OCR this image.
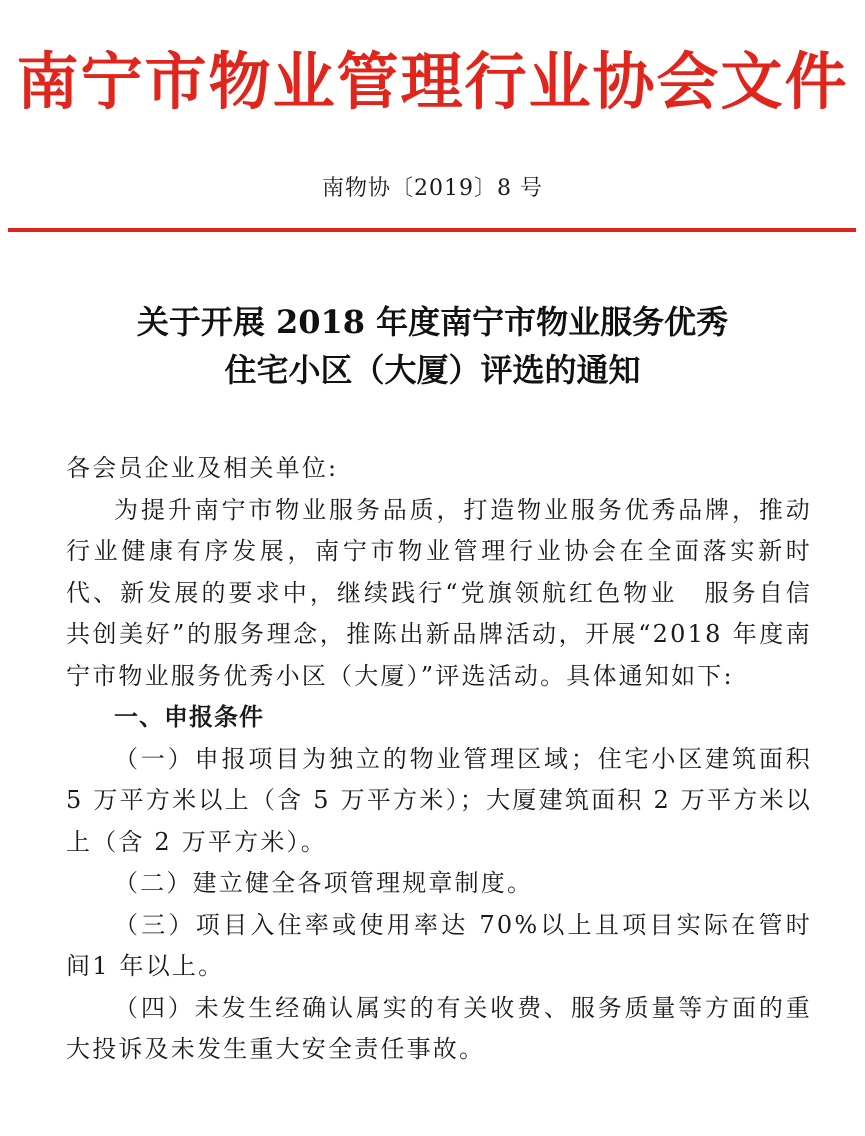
南宁市物业管理行业协会文件
南物协〔2019〕8 号
关于开展 2018 年度南宁市物业服务优秀
住宅小区（大厦）评选的通知

各会员企业及相关单位:

为提升南宁市物业服务品质，打造物业服务优秀品牌，推动行业健康有序发展，南宁市物业管理行业协会在全面落实新时代、新发展的要求中，继续践行“党旗领航红色物业　服务自信共创美好”的服务理念，推陈出新品牌活动，开展“2018 年度南宁市物业服务优秀小区（大厦）”评选活动。具体通知如下:

一、申报条件

（一）申报项目为独立的物业管理区域；住宅小区建筑面积 5 万平方米以上（含 5 万平方米）；大厦建筑面积 2 万平方米以上（含 2 万平方米）。

（二）建立健全各项管理规章制度。

（三）项目入住率或使用率达 70%以上且项目实际在管时间1 年以上。

（四）未发生经确认属实的有关收费、服务质量等方面的重大投诉及未发生重大安全责任事故。
